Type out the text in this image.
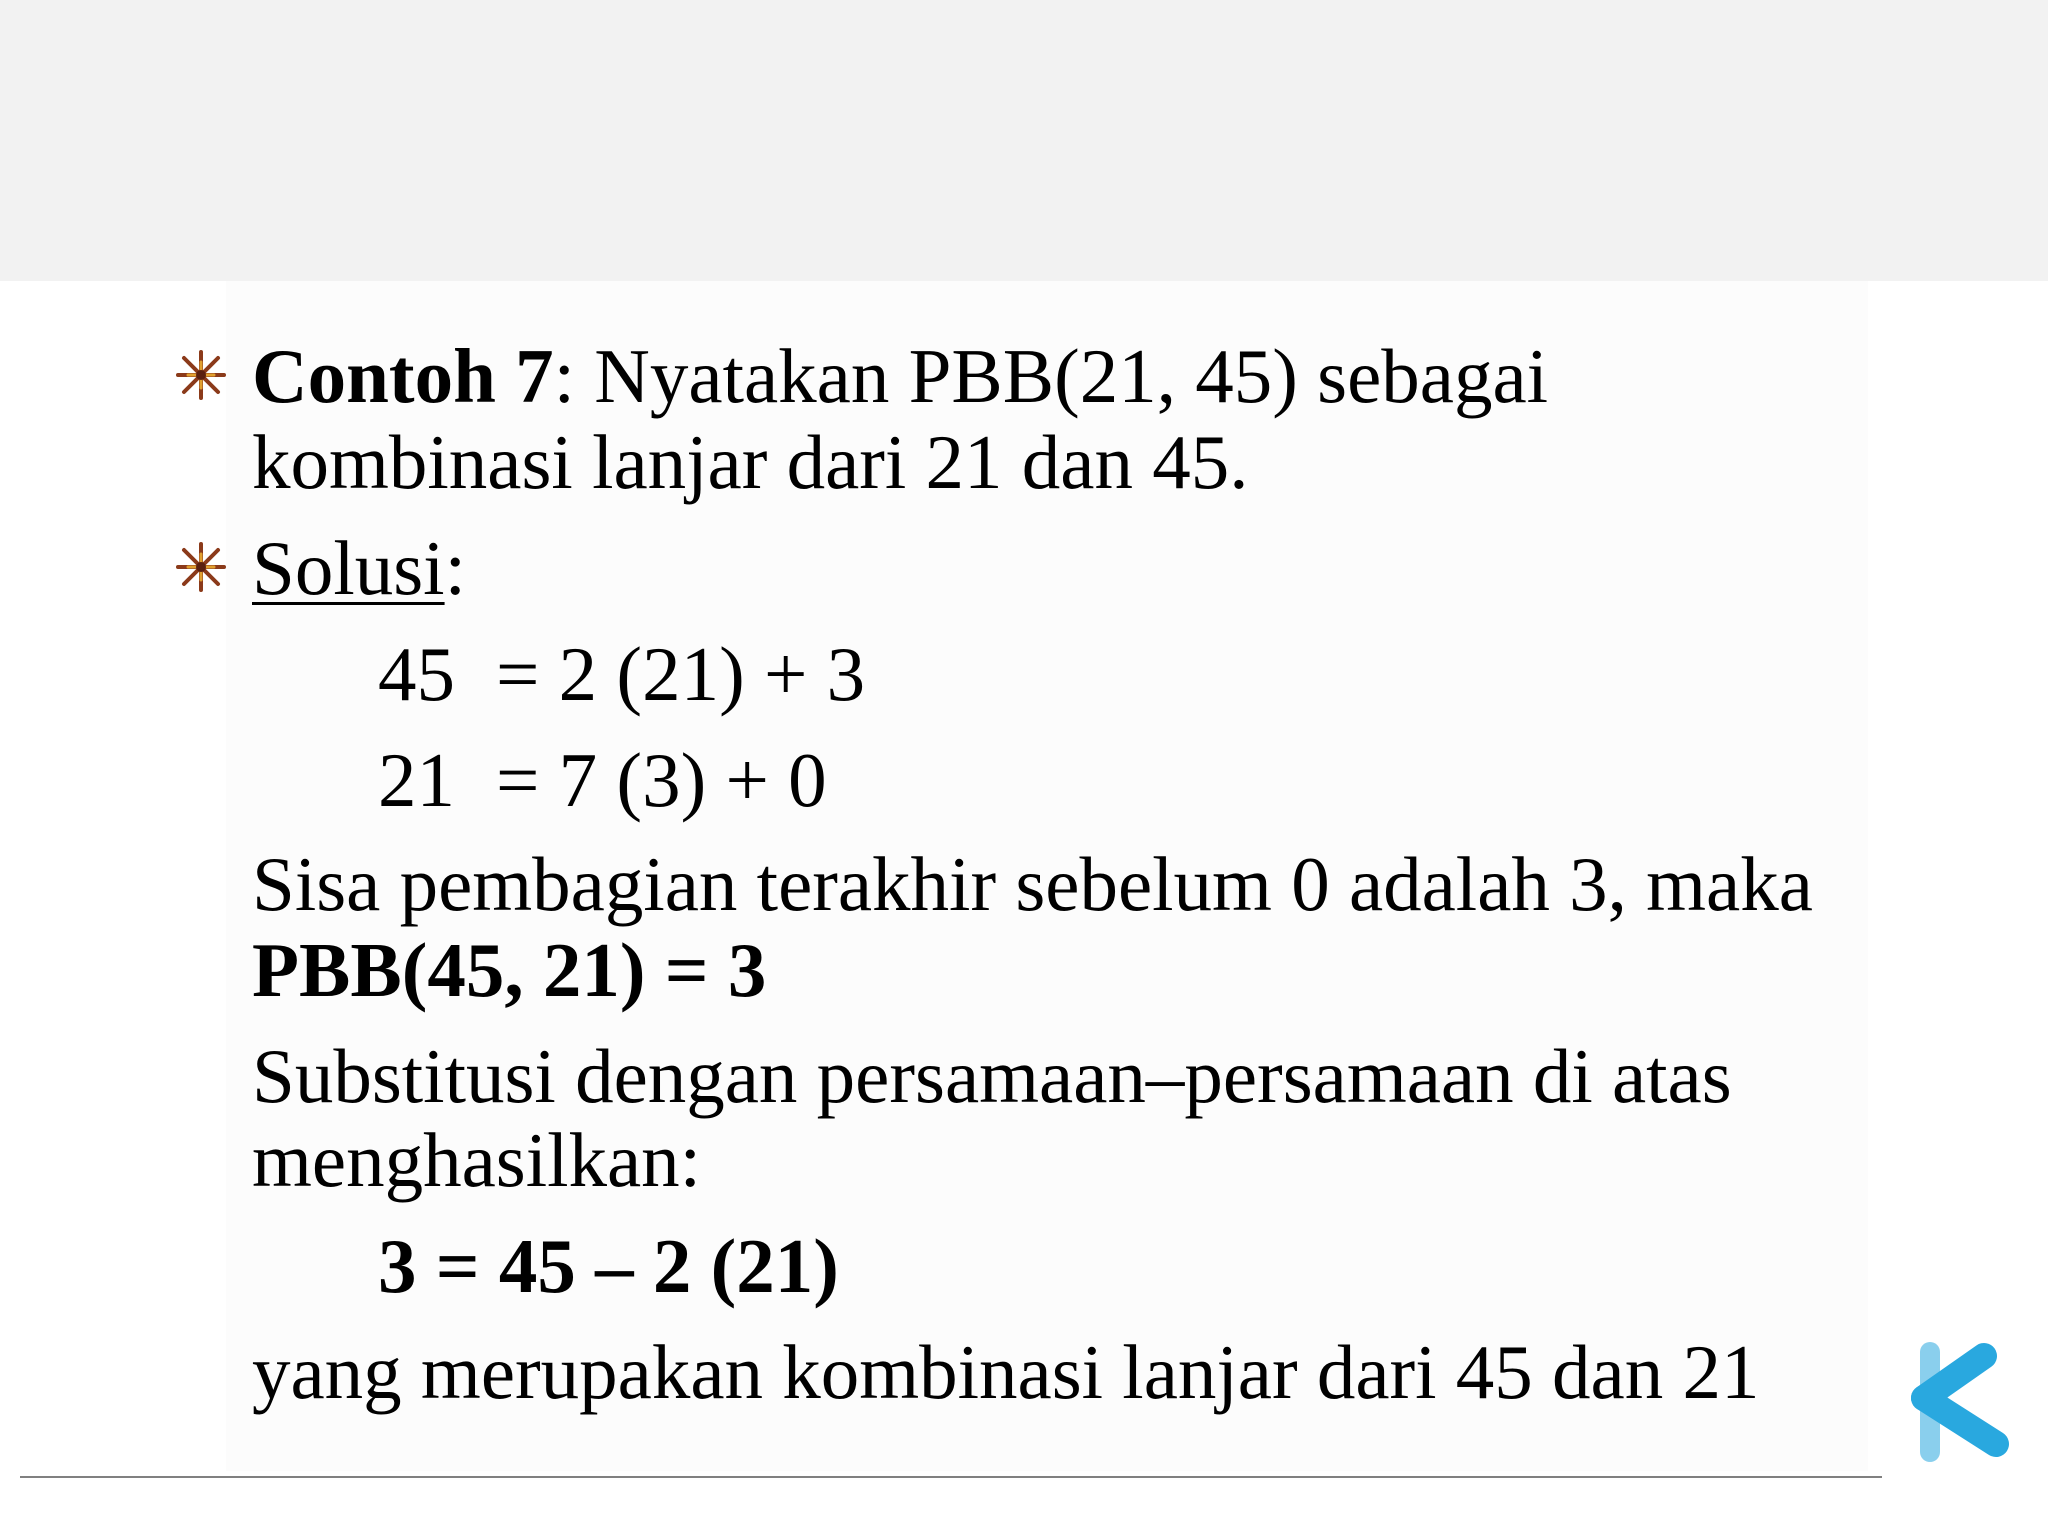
Contoh 7: Nyatakan PBB(21, 45) sebagai
kombinasi lanjar dari 21 dan 45.
Solusi:
45 = 2 (21) + 3
21 = 7 (3) + 0
Sisa pembagian terakhir sebelum 0 adalah 3, maka
PBB(45, 21) = 3
Substitusi dengan persamaan–persamaan di atas
menghasilkan:
3 = 45 – 2 (21)
yang merupakan kombinasi lanjar dari 45 dan 21
